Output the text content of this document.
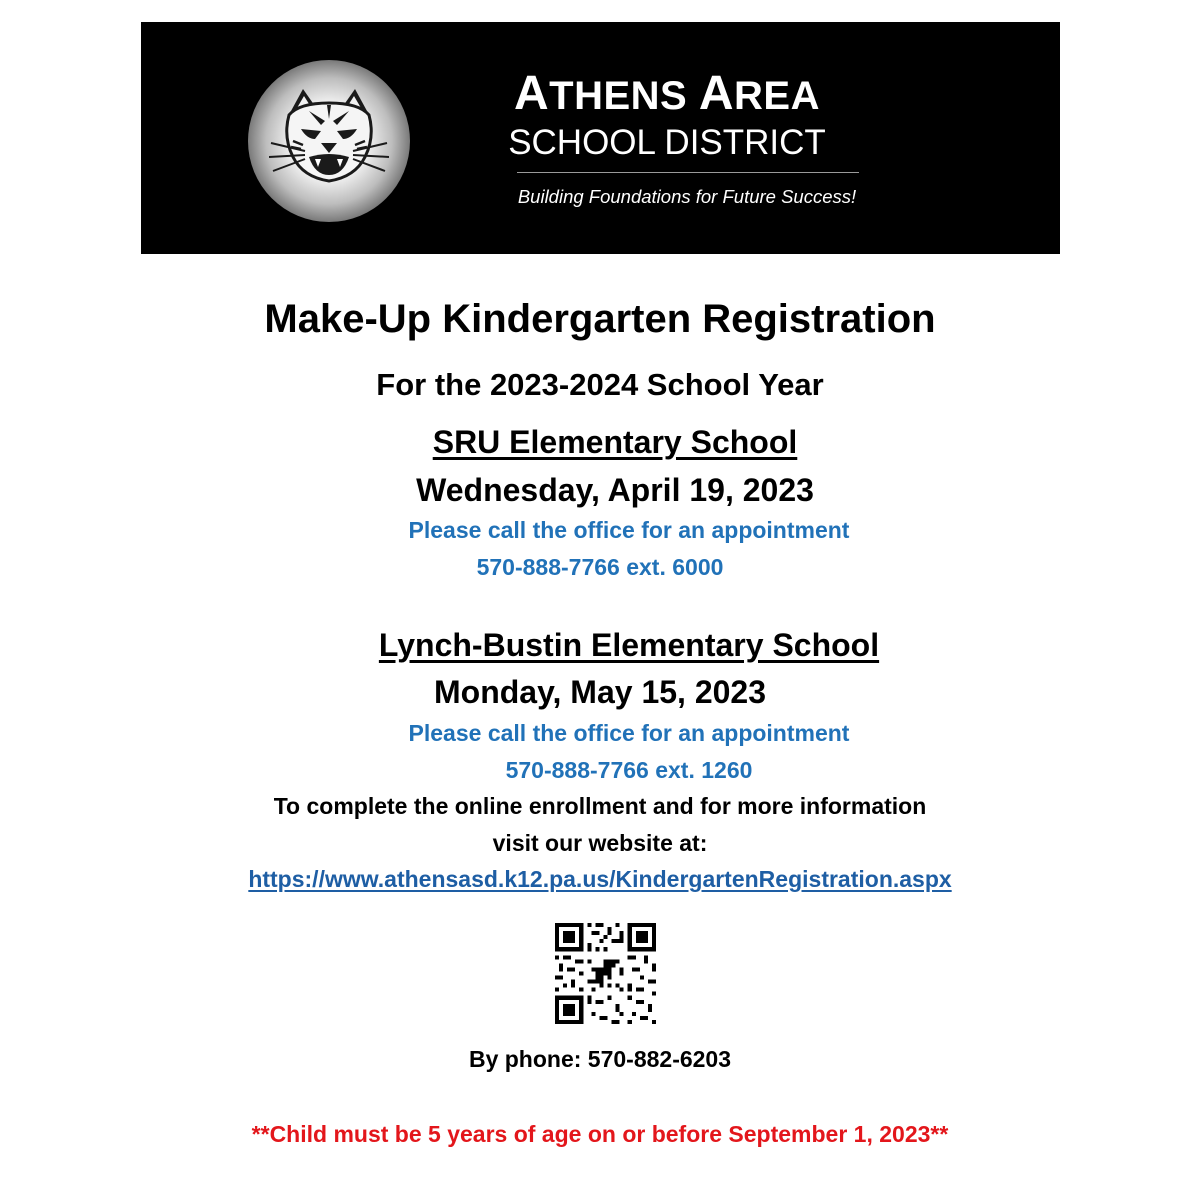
ATHENS AREA
SCHOOL DISTRICT
Building Foundations for Future Success!
Make-Up Kindergarten Registration
For the 2023-2024 School Year
SRU Elementary School
Wednesday, April 19, 2023
Please call the office for an appointment
570-888-7766 ext. 6000
Lynch-Bustin Elementary School
Monday, May 15, 2023
Please call the office for an appointment
570-888-7766 ext. 1260
To complete the online enrollment and for more information
visit our website at:
https://www.athensasd.k12.pa.us/KindergartenRegistration.aspx
By phone: 570-882-6203
**Child must be 5 years of age on or before September 1, 2023**
